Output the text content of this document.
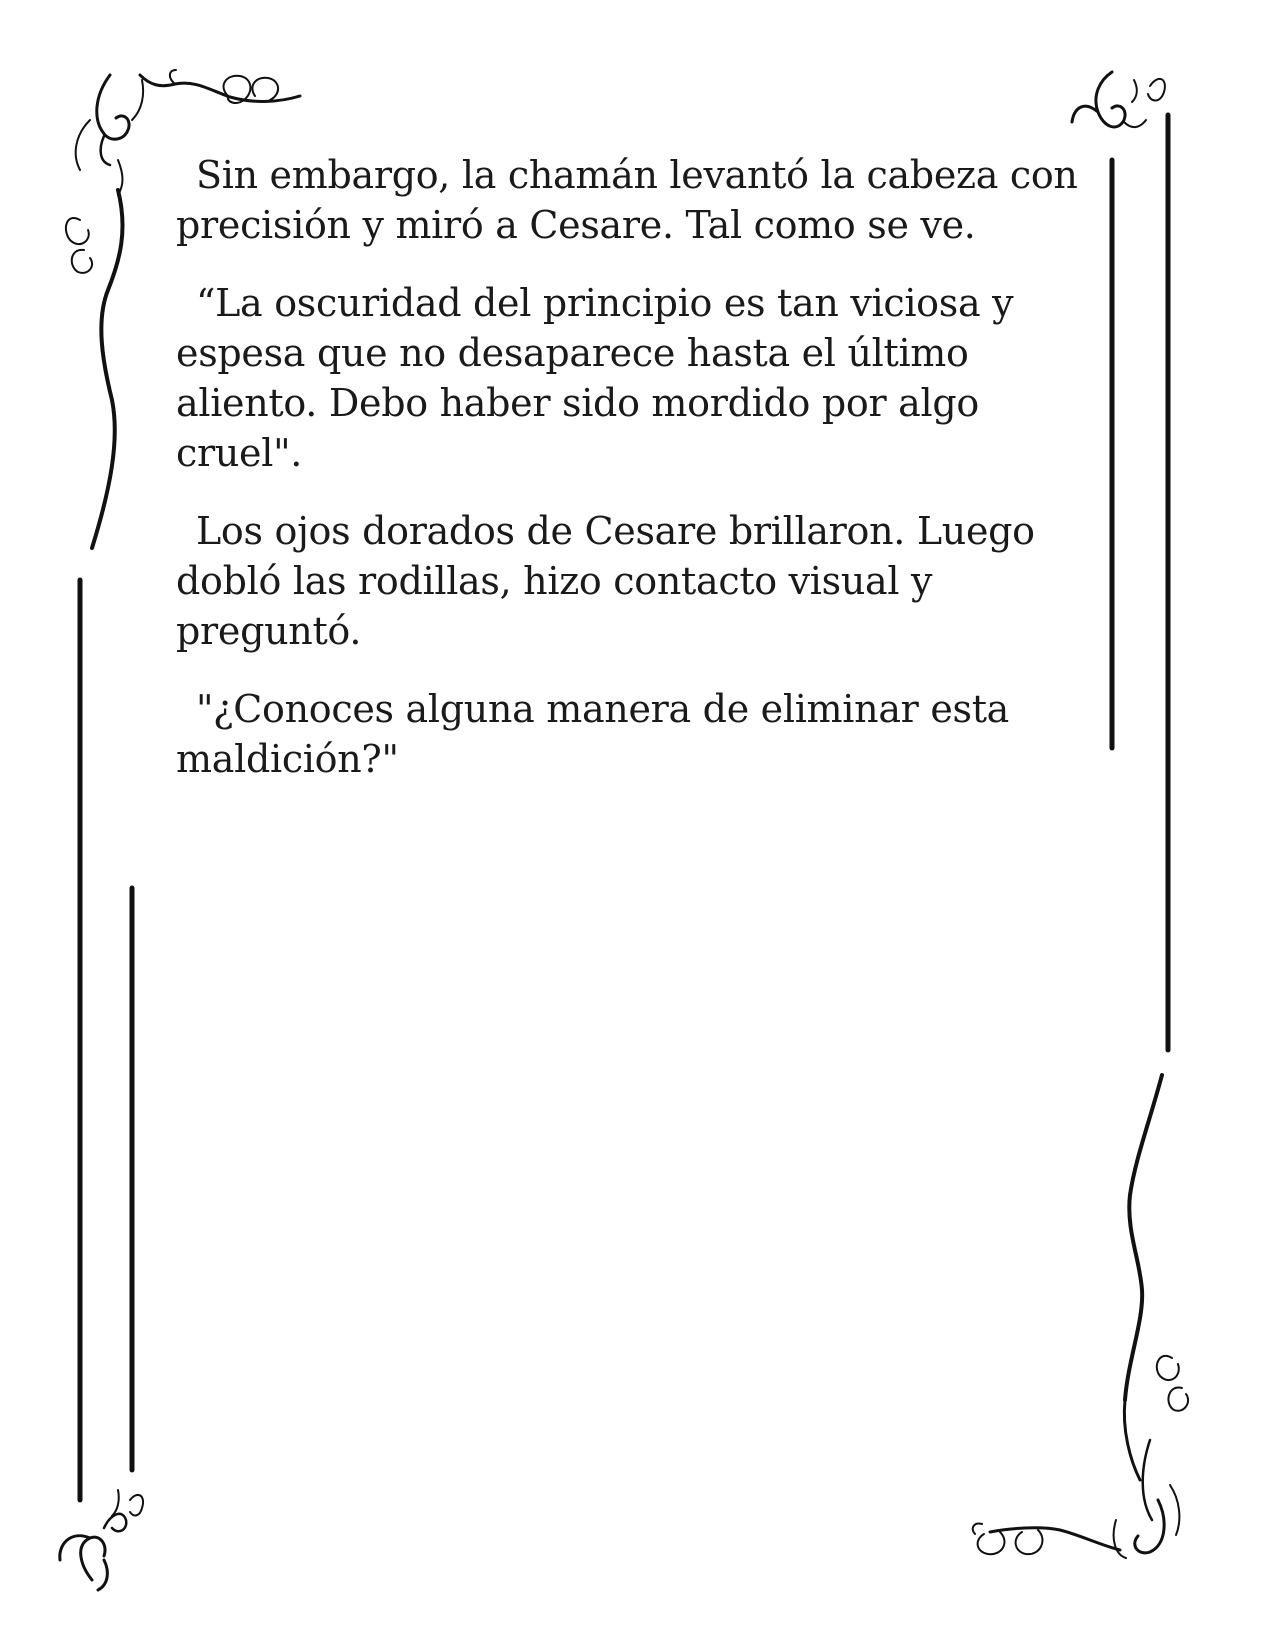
Sin embargo, la chamán levantó la cabeza con precisión y miró a Cesare. Tal como se ve.

“La oscuridad del principio es tan viciosa y espesa que no desaparece hasta el último aliento. Debo haber sido mordido por algo cruel".

Los ojos dorados de Cesare brillaron. Luego dobló las rodillas, hizo contacto visual y preguntó.

"¿Conoces alguna manera de eliminar esta maldición?"
